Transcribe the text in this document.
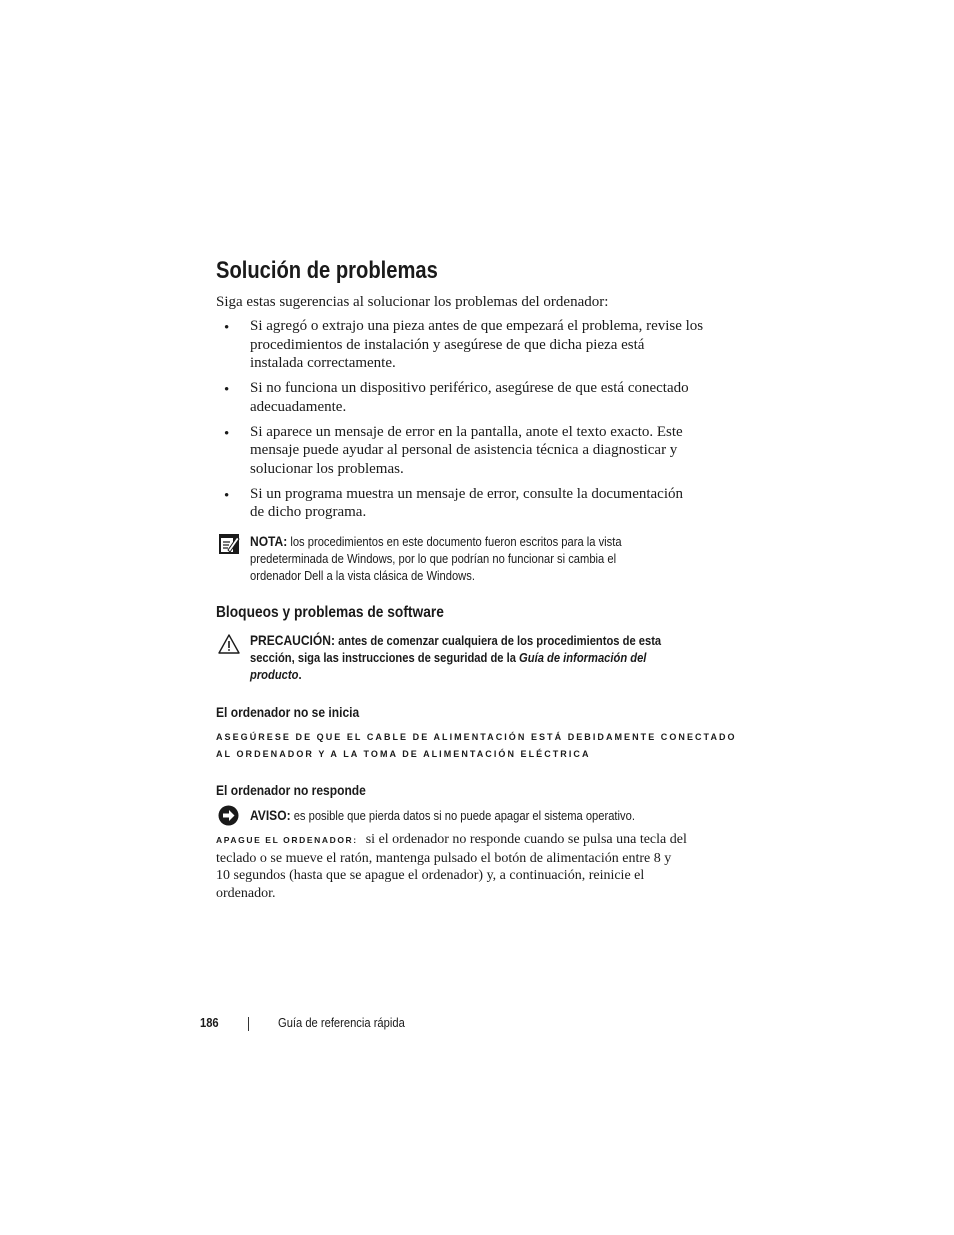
Solución de problemas

Siga estas sugerencias al solucionar los problemas del ordenador:

• Si agregó o extrajo una pieza antes de que empezará el problema, revise los
procedimientos de instalación y asegúrese de que dicha pieza está
instalada correctamente.
• Si no funciona un dispositivo periférico, asegúrese de que está conectado
adecuadamente.
• Si aparece un mensaje de error en la pantalla, anote el texto exacto. Este
mensaje puede ayudar al personal de asistencia técnica a diagnosticar y
solucionar los problemas.
• Si un programa muestra un mensaje de error, consulte la documentación
de dicho programa.
NOTA: los procedimientos en este documento fueron escritos para la vista
predeterminada de Windows, por lo que podrían no funcionar si cambia el
ordenador Dell a la vista clásica de Windows.
Bloqueos y problemas de software
PRECAUCIÓN: antes de comenzar cualquiera de los procedimientos de esta
sección, siga las instrucciones de seguridad de la Guía de información del
producto.
El ordenador no se inicia
ASEGÚRESE DE QUE EL CABLE DE ALIMENTACIÓN ESTÁ DEBIDAMENTE CONECTADO
AL ORDENADOR Y A LA TOMA DE ALIMENTACIÓN ELÉCTRICA
El ordenador no responde
AVISO: es posible que pierda datos si no puede apagar el sistema operativo.
APAGUE EL ORDENADOR: si el ordenador no responde cuando se pulsa una tecla del
teclado o se mueve el ratón, mantenga pulsado el botón de alimentación entre 8 y
10 segundos (hasta que se apague el ordenador) y, a continuación, reinicie el
ordenador.
186	Guía de referencia rápida
